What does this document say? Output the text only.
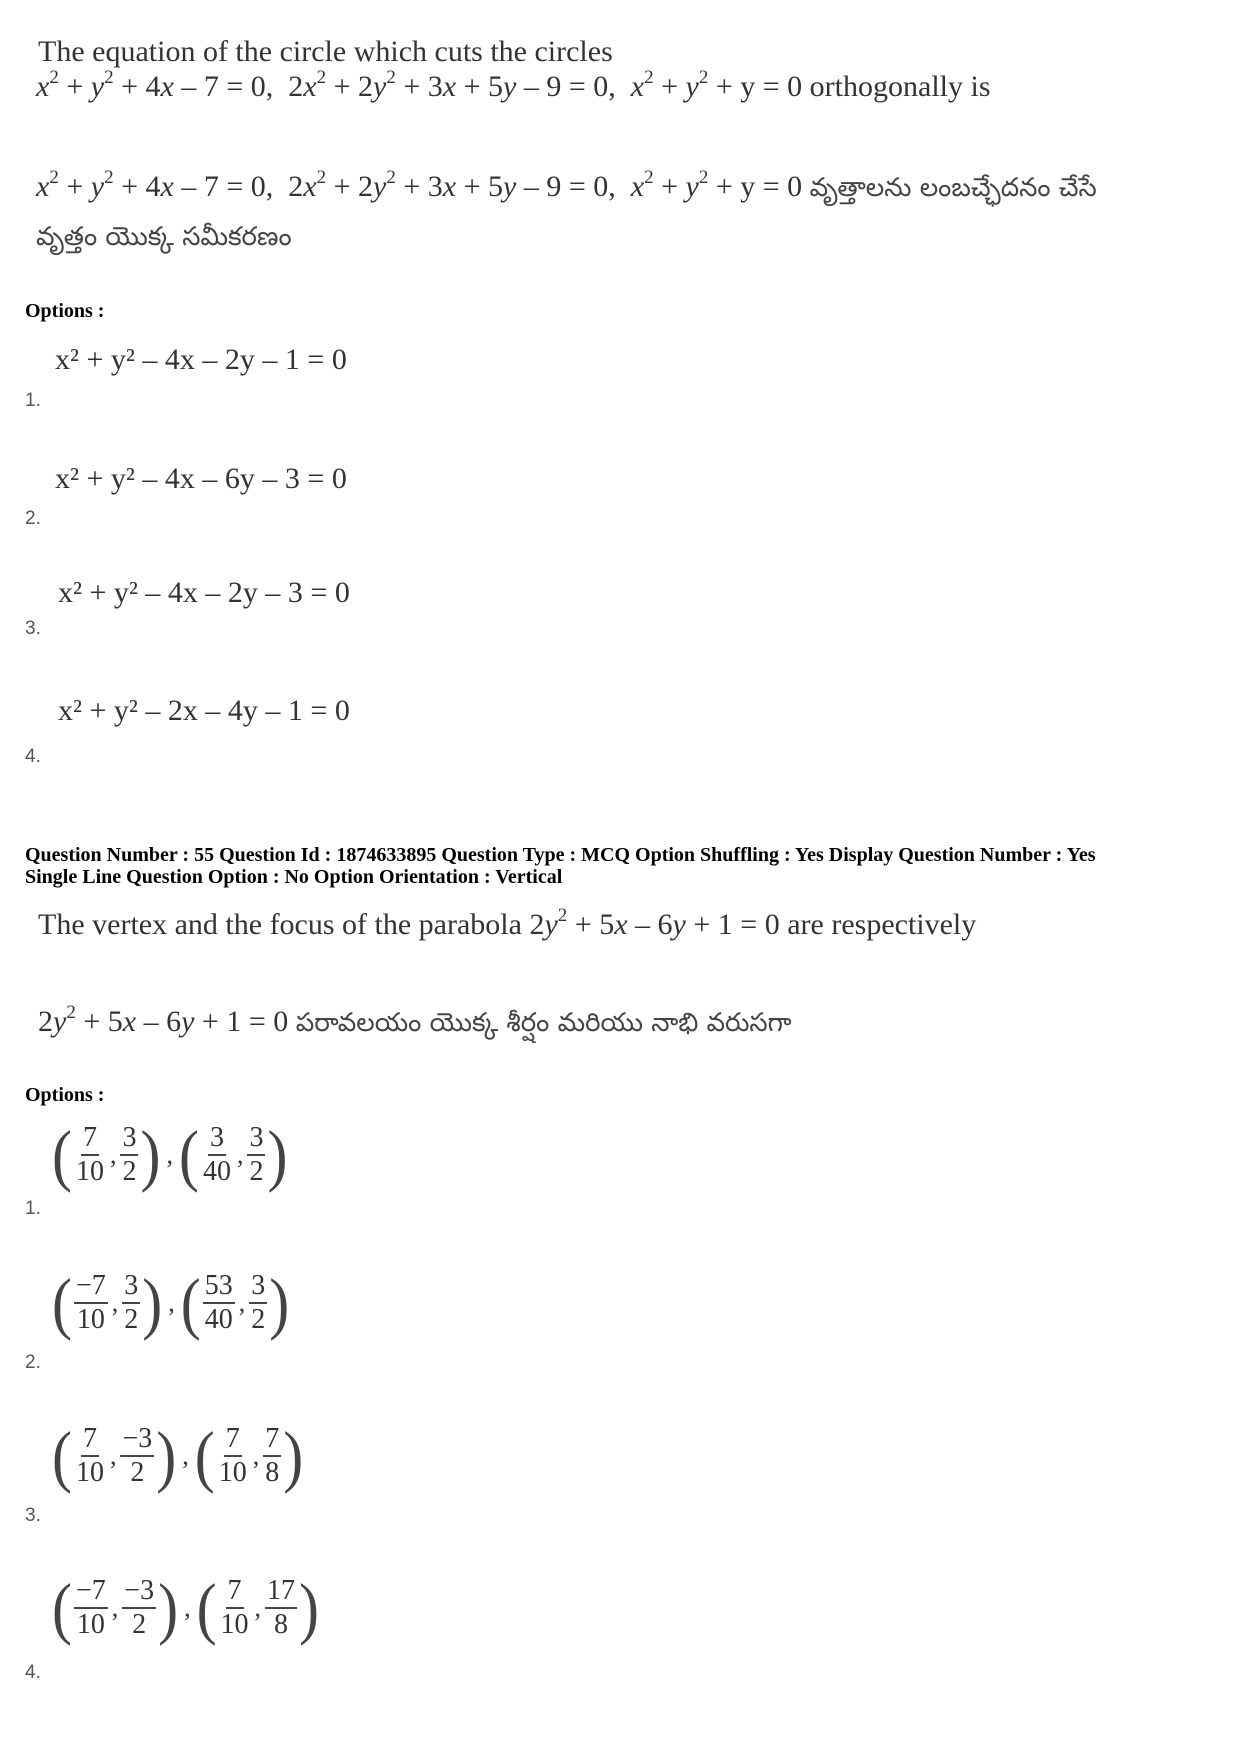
The equation of the circle which cuts the circles
$x^2 + y^2 + 4x - 7 = 0$,  $2x^2 + 2y^2 + 3x + 5y - 9 = 0$,  $x^2 + y^2 + y = 0$ orthogonally is
$x^2 + y^2 + 4x - 7 = 0$,  $2x^2 + 2y^2 + 3x + 5y - 9 = 0$,  $x^2 + y^2 + y = 0$ వృత్తాలను లంబచ్ఛేదనం చేసే
వృత్తం యొక్క సమీకరణం
Options :
x² + y² – 4x – 2y – 1 = 0
1.
x² + y² – 4x – 6y – 3 = 0
2.
x² + y² – 4x – 2y – 3 = 0
3.
x² + y² – 2x – 4y – 1 = 0
4.
Question Number : 55 Question Id : 1874633895 Question Type : MCQ Option Shuffling : Yes Display Question Number : Yes
Single Line Question Option : No Option Orientation : Vertical
The vertex and the focus of the parabola $2y^2 + 5x - 6y + 1 = 0$ are respectively
$2y^2 + 5x - 6y + 1 = 0$ పరావలయం యొక్క శీర్షం మరియు నాభి వరుసగా
Options :
( $\frac{7}{10}$ , $\frac{3}{2}$ ) , ( $\frac{3}{40}$ , $\frac{3}{2}$ )
1.
( $\frac{-7}{10}$ , $\frac{3}{2}$ ) , ( $\frac{53}{40}$ , $\frac{3}{2}$ )
2.
( $\frac{7}{10}$ , $\frac{-3}{2}$ ) , ( $\frac{7}{10}$ , $\frac{7}{8}$ )
3.
( $\frac{-7}{10}$ , $\frac{-3}{2}$ ) , ( $\frac{7}{10}$ , $\frac{17}{8}$ )
4.
